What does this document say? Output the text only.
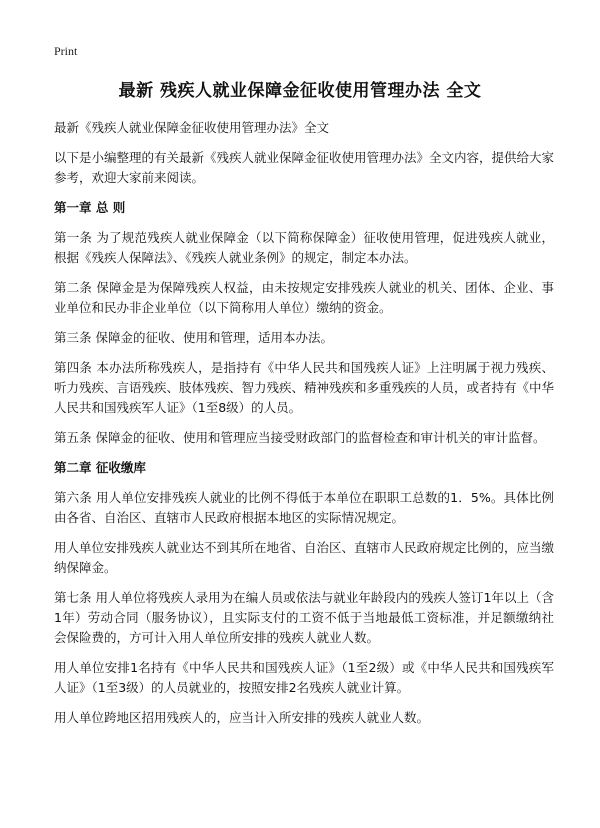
Print
最新 残疾人就业保障金征收使用管理办法 全文

最新《残疾人就业保障金征收使用管理办法》全文

以下是小编整理的有关最新《残疾人就业保障金征收使用管理办法》全文内容，提供给大家参考，欢迎大家前来阅读。

第一章 总 则

第一条 为了规范残疾人就业保障金（以下简称保障金）征收使用管理，促进残疾人就业，根据《残疾人保障法》、《残疾人就业条例》的规定，制定本办法。

第二条 保障金是为保障残疾人权益，由未按规定安排残疾人就业的机关、团体、企业、事业单位和民办非企业单位（以下简称用人单位）缴纳的资金。

第三条 保障金的征收、使用和管理，适用本办法。

第四条 本办法所称残疾人，是指持有《中华人民共和国残疾人证》上注明属于视力残疾、听力残疾、言语残疾、肢体残疾、智力残疾、精神残疾和多重残疾的人员，或者持有《中华人民共和国残疾军人证》（1至8级）的人员。

第五条 保障金的征收、使用和管理应当接受财政部门的监督检查和审计机关的审计监督。

第二章 征收缴库

第六条 用人单位安排残疾人就业的比例不得低于本单位在职职工总数的1．5%。具体比例由各省、自治区、直辖市人民政府根据本地区的实际情况规定。

用人单位安排残疾人就业达不到其所在地省、自治区、直辖市人民政府规定比例的，应当缴纳保障金。

第七条 用人单位将残疾人录用为在编人员或依法与就业年龄段内的残疾人签订1年以上（含1年）劳动合同（服务协议），且实际支付的工资不低于当地最低工资标准，并足额缴纳社会保险费的，方可计入用人单位所安排的残疾人就业人数。

用人单位安排1名持有《中华人民共和国残疾人证》（1至2级）或《中华人民共和国残疾军人证》（1至3级）的人员就业的，按照安排2名残疾人就业计算。

用人单位跨地区招用残疾人的，应当计入所安排的残疾人就业人数。
